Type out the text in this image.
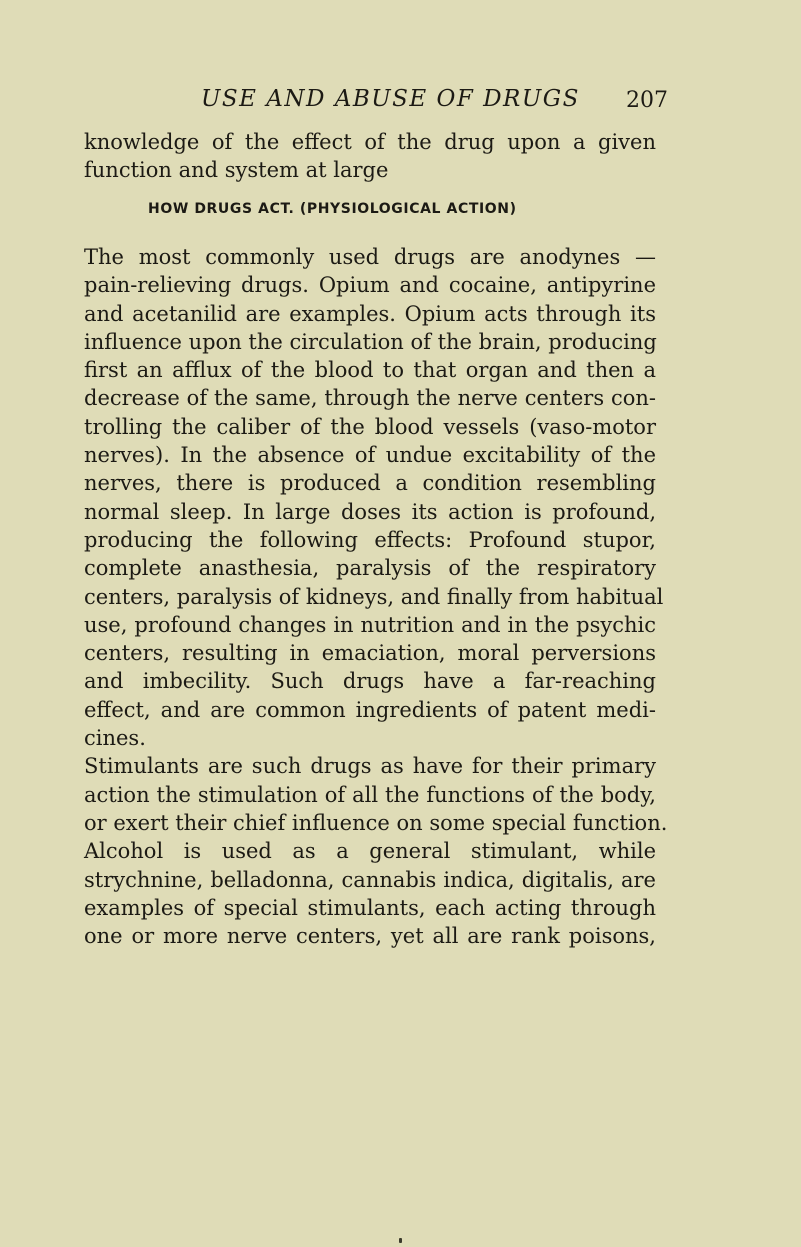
USE AND ABUSE OF DRUGS 207
knowledge of the effect of the drug upon a given
function and system at large
HOW DRUGS ACT. (PHYSIOLOGICAL ACTION)
The most commonly used drugs are anodynes —
pain-relieving drugs. Opium and cocaine, antipyrine
and acetanilid are examples. Opium acts through its
influence upon the circulation of the brain, producing
first an afflux of the blood to that organ and then a
decrease of the same, through the nerve centers con-
trolling the caliber of the blood vessels (vaso-motor
nerves). In the absence of undue excitability of the
nerves, there is produced a condition resembling
normal sleep. In large doses its action is profound,
producing the following effects: Profound stupor,
complete anasthesia, paralysis of the respiratory
centers, paralysis of kidneys, and finally from habitual
use, profound changes in nutrition and in the psychic
centers, resulting in emaciation, moral perversions
and imbecility. Such drugs have a far-reaching
effect, and are common ingredients of patent medi-
cines.
Stimulants are such drugs as have for their primary
action the stimulation of all the functions of the body,
or exert their chief influence on some special function.
Alcohol is used as a general stimulant, while
strychnine, belladonna, cannabis indica, digitalis, are
examples of special stimulants, each acting through
one or more nerve centers, yet all are rank poisons,
